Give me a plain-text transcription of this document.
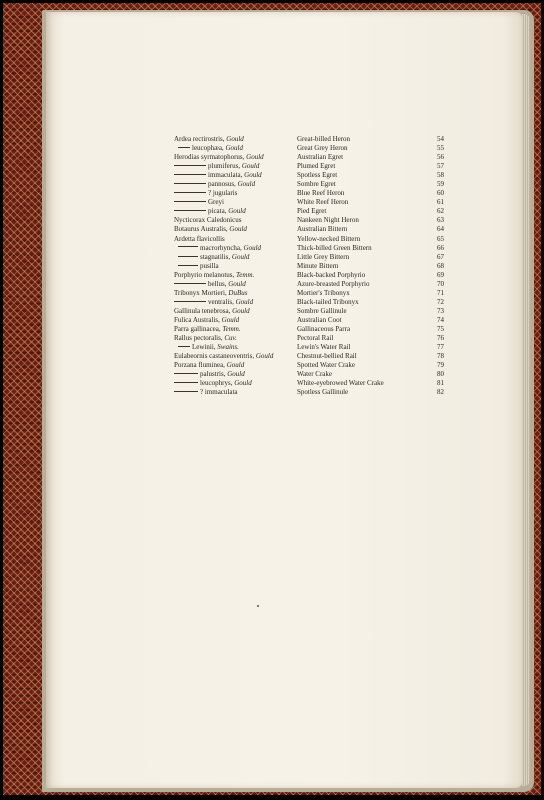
Ardea rectirostris, Gould	Great-billed Heron	54
leucophæa, Gould	Great Grey Heron	55
Herodias syrmatophorus, Gould	Australian Egret	56
plumiferus, Gould	Plumed Egret	57
immaculata, Gould	Spotless Egret	58
pannosus, Gould	Sombre Egret	59
? jugularis	Blue Reef Heron	60
Greyi	White Reef Heron	61
picata, Gould	Pied Egret	62
Nycticorax Caledonicus	Nankeen Night Heron	63
Botaurus Australis, Gould	Australian Bittern	64
Ardetta flavicollis	Yellow-necked Bittern	65
macrorhyncha, Gould	Thick-billed Green Bittern	66
stagnatilis, Gould	Little Grey Bittern	67
pusilla	Minute Bittern	68
Porphyrio melanotus, Temm.	Black-backed Porphyrio	69
bellus, Gould	Azure-breasted Porphyrio	70
Tribonyx Mortieri, DuBus	Mortier's Tribonyx	71
ventralis, Gould	Black-tailed Tribonyx	72
Gallinula tenebrosa, Gould	Sombre Gallinule	73
Fulica Australis, Gould	Australian Coot	74
Parra gallinacea, Temm.	Gallinaceous Parra	75
Rallus pectoralis, Cuv.	Pectoral Rail	76
Lewinii, Swains.	Lewin's Water Rail	77
Eulabeornis castaneoventris, Gould	Chestnut-bellied Rail	78
Porzana fluminea, Gould	Spotted Water Crake	79
palustris, Gould	Water Crake	80
leucophrys, Gould	White-eyebrowed Water Crake	81
? immaculata	Spotless Gallinule	82
